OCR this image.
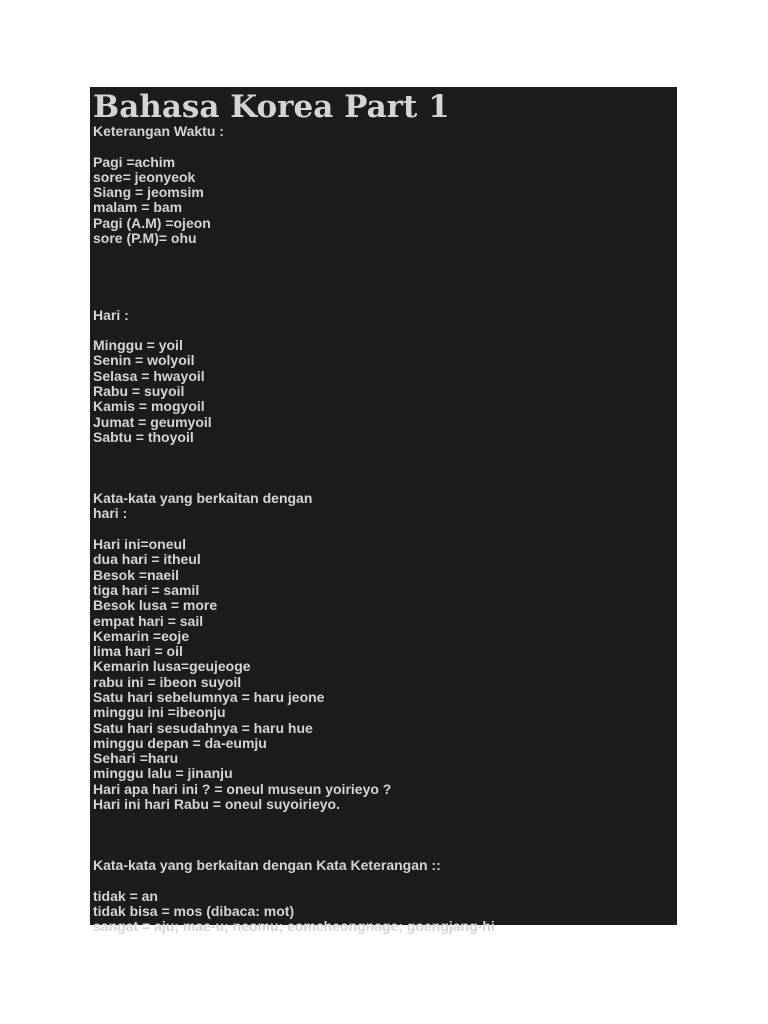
Bahasa Korea Part 1
Keterangan Waktu :
Pagi =achim
sore= jeonyeok
Siang = jeomsim
malam = bam
Pagi (A.M) =ojeon
sore (P.M)= ohu
Hari :
Minggu = yoil
Senin = wolyoil
Selasa = hwayoil
Rabu = suyoil
Kamis = mogyoil
Jumat = geumyoil
Sabtu = thoyoil
Kata-kata yang berkaitan dengan
hari :
Hari ini=oneul
dua hari = itheul
Besok =naeil
tiga hari = samil
Besok lusa = more
empat hari = sail
Kemarin =eoje
lima hari = oil
Kemarin lusa=geujeoge
rabu ini = ibeon suyoil
Satu hari sebelumnya = haru jeone
minggu ini =ibeonju
Satu hari sesudahnya = haru hue
minggu depan = da-eumju
Sehari =haru
minggu lalu = jinanju
Hari apa hari ini ? = oneul museun yoirieyo ?
Hari ini hari Rabu = oneul suyoirieyo.
Kata-kata yang berkaitan dengan Kata Keterangan ::
tidak = an
tidak bisa = mos (dibaca: mot)
sangat = aju; mae-u; neomu; eomcheongnage; goengjang-hi
